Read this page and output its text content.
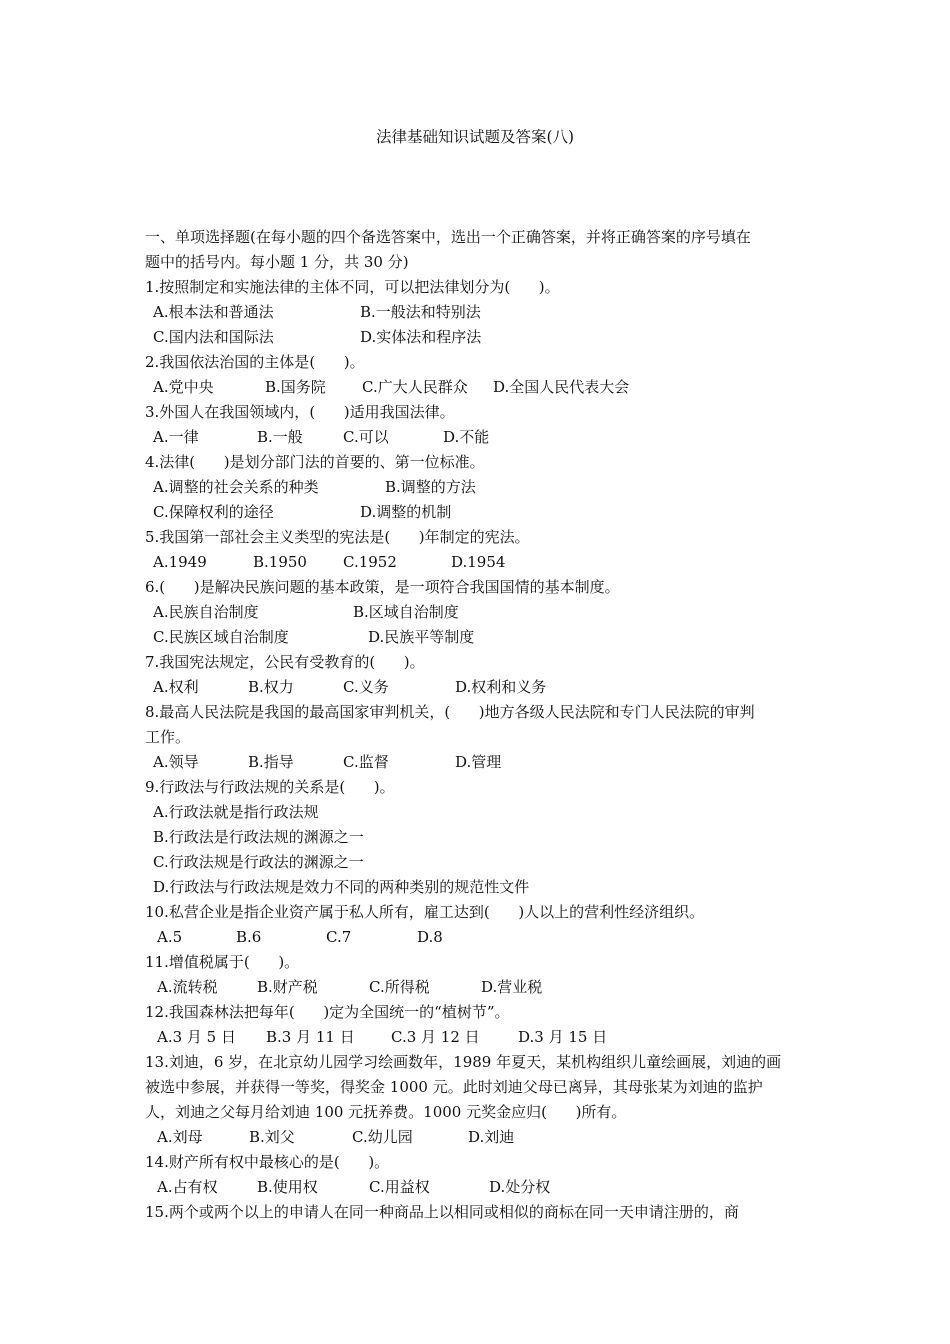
法律基础知识试题及答案(八)
一、单项选择题(在每小题的四个备选答案中，选出一个正确答案，并将正确答案的序号填在
题中的括号内。每小题 1 分，共 30 分)
1.按照制定和实施法律的主体不同，可以把法律划分为(      )。
A.根本法和普通法	B.一般法和特别法
C.国内法和国际法	D.实体法和程序法
2.我国依法治国的主体是(      )。
A.党中央	B.国务院 C.广大人民群众 D.全国人民代表大会
3.外国人在我国领域内，(      )适用我国法律。
A.一律	B.一般	C.可以	D.不能
4.法律(      )是划分部门法的首要的、第一位标准。
A.调整的社会关系的种类	B.调整的方法
C.保障权利的途径	D.调整的机制
5.我国第一部社会主义类型的宪法是(      )年制定的宪法。
A.1949	B.1950 C.1952	D.1954
6.(      )是解决民族问题的基本政策，是一项符合我国国情的基本制度。
A.民族自治制度	B.区域自治制度
C.民族区域自治制度	D.民族平等制度
7.我国宪法规定，公民有受教育的(      )。
A.权利	B.权力	C.义务	D.权利和义务
8.最高人民法院是我国的最高国家审判机关，(      )地方各级人民法院和专门人民法院的审判
工作。
A.领导	B.指导	C.监督	D.管理
9.行政法与行政法规的关系是(      )。
A.行政法就是指行政法规
B.行政法是行政法规的渊源之一
C.行政法规是行政法的渊源之一
D.行政法与行政法规是效力不同的两种类别的规范性文件
10.私营企业是指企业资产属于私人所有，雇工达到(      )人以上的营利性经济组织。
A.5	B.6	C.7	D.8
11.增值税属于(      )。
A.流转税	B.财产税	C.所得税	D.营业税
12.我国森林法把每年(      )定为全国统一的“植树节”。
A.3 月 5 日 B.3 月 11 日 C.3 月 12 日	D.3 月 15 日
13.刘迪，6 岁，在北京幼儿园学习绘画数年，1989 年夏天，某机构组织儿童绘画展，刘迪的画
被选中参展，并获得一等奖，得奖金 1000 元。此时刘迪父母已离异，其母张某为刘迪的监护
人，刘迪之父每月给刘迪 100 元抚养费。1000 元奖金应归(      )所有。
A.刘母	B.刘父	C.幼儿园	D.刘迪
14.财产所有权中最核心的是(      )。
A.占有权	B.使用权	C.用益权	D.处分权
15.两个或两个以上的申请人在同一种商品上以相同或相似的商标在同一天申请注册的，商
